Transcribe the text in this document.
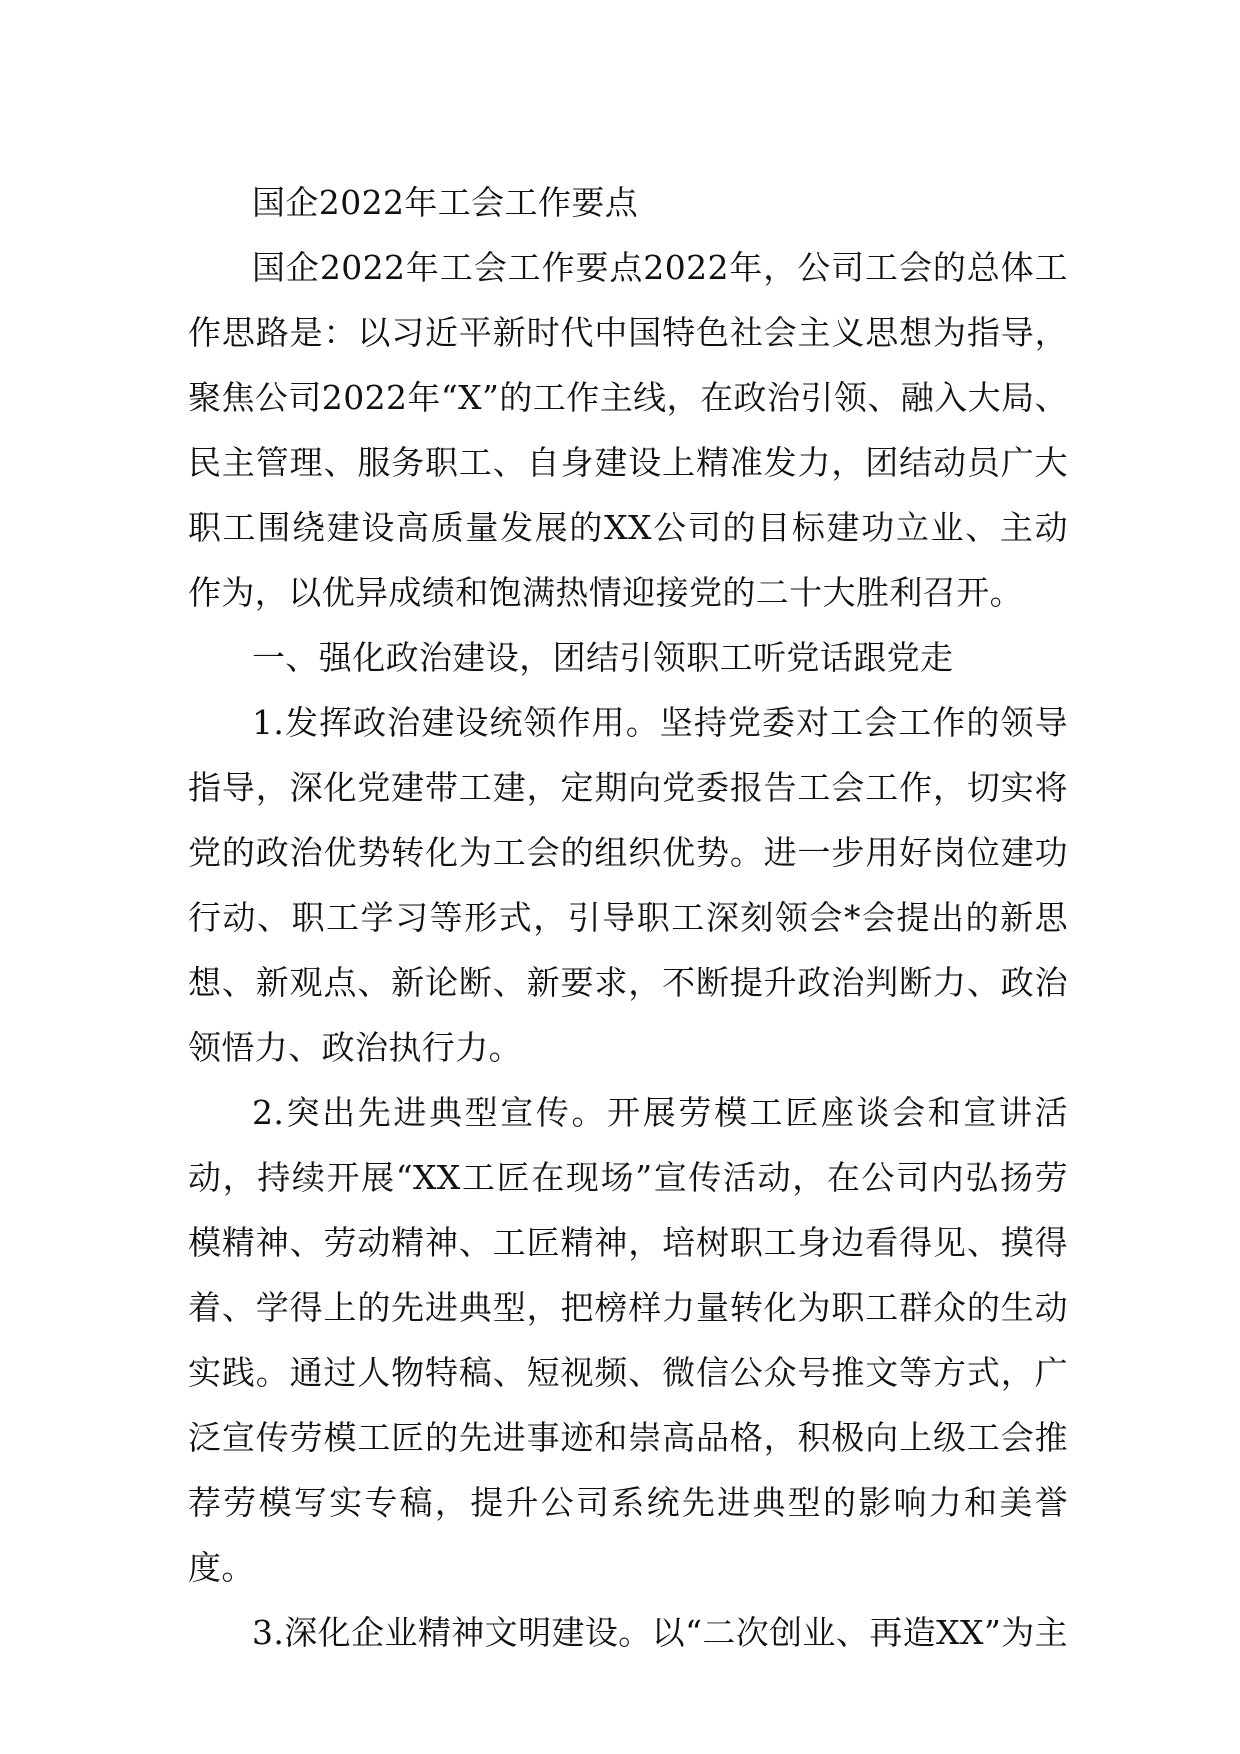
国企2022年工会工作要点

国企2022年工会工作要点2022年，公司工会的总体工作思路是：以习近平新时代中国特色社会主义思想为指导，聚焦公司2022年“X”的工作主线，在政治引领、融入大局、民主管理、服务职工、自身建设上精准发力，团结动员广大职工围绕建设高质量发展的XX公司的目标建功立业、主动作为，以优异成绩和饱满热情迎接党的二十大胜利召开。

一、强化政治建设，团结引领职工听党话跟党走

1.发挥政治建设统领作用。坚持党委对工会工作的领导指导，深化党建带工建，定期向党委报告工会工作，切实将党的政治优势转化为工会的组织优势。进一步用好岗位建功行动、职工学习等形式，引导职工深刻领会*会提出的新思想、新观点、新论断、新要求，不断提升政治判断力、政治领悟力、政治执行力。

2.突出先进典型宣传。开展劳模工匠座谈会和宣讲活动，持续开展“XX工匠在现场”宣传活动，在公司内弘扬劳模精神、劳动精神、工匠精神，培树职工身边看得见、摸得着、学得上的先进典型，把榜样力量转化为职工群众的生动实践。通过人物特稿、短视频、微信公众号推文等方式，广泛宣传劳模工匠的先进事迹和崇高品格，积极向上级工会推荐劳模写实专稿，提升公司系统先进典型的影响力和美誉度。

3.深化企业精神文明建设。以“二次创业、再造XX”为主
